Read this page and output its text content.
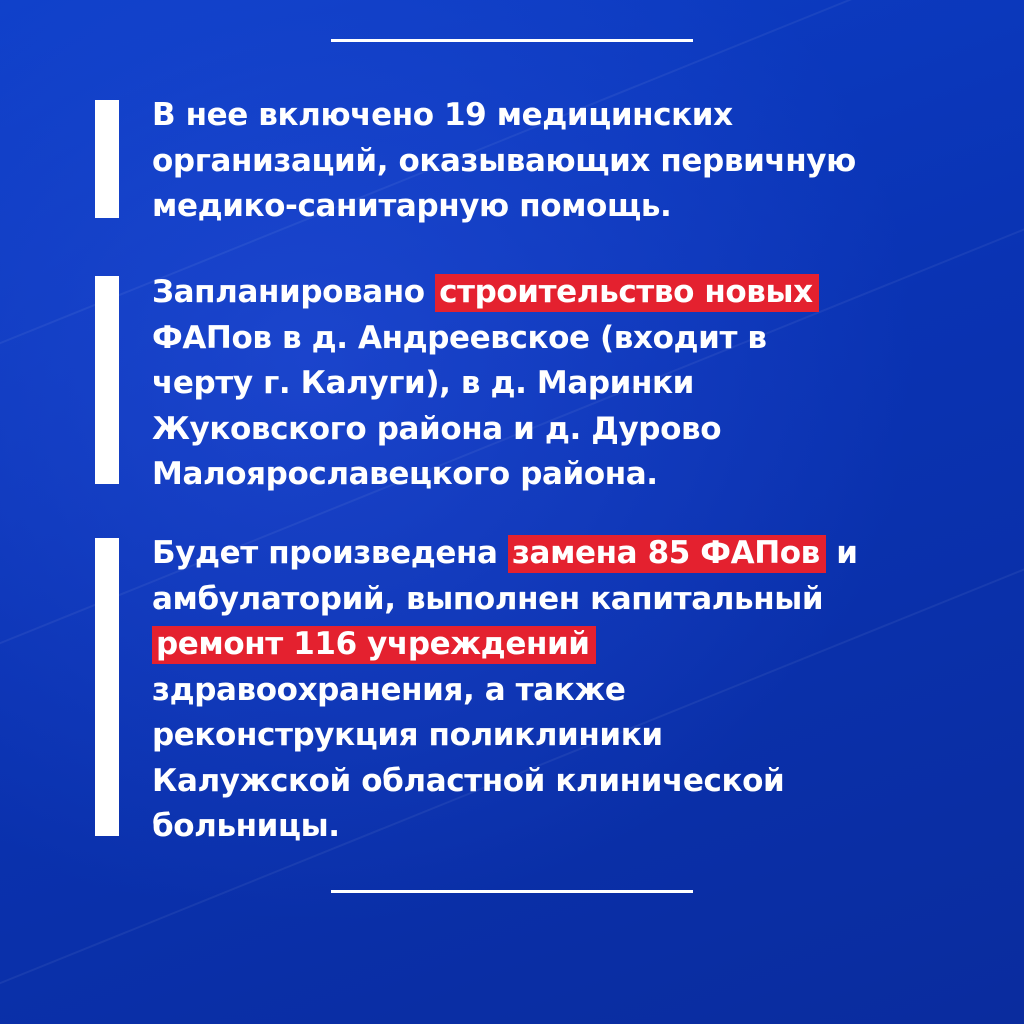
В нее включено 19 медицинских
организаций, оказывающих первичную
медико-санитарную помощь.
Запланировано строительство новых
ФАПов в д. Андреевское (входит в
черту г. Калуги), в д. Маринки
Жуковского района и д. Дурово
Малоярославецкого района.
Будет произведена замена 85 ФАПов и
амбулаторий, выполнен капитальный
ремонт 116 учреждений
здравоохранения, а также
реконструкция поликлиники
Калужской областной клинической
больницы.
